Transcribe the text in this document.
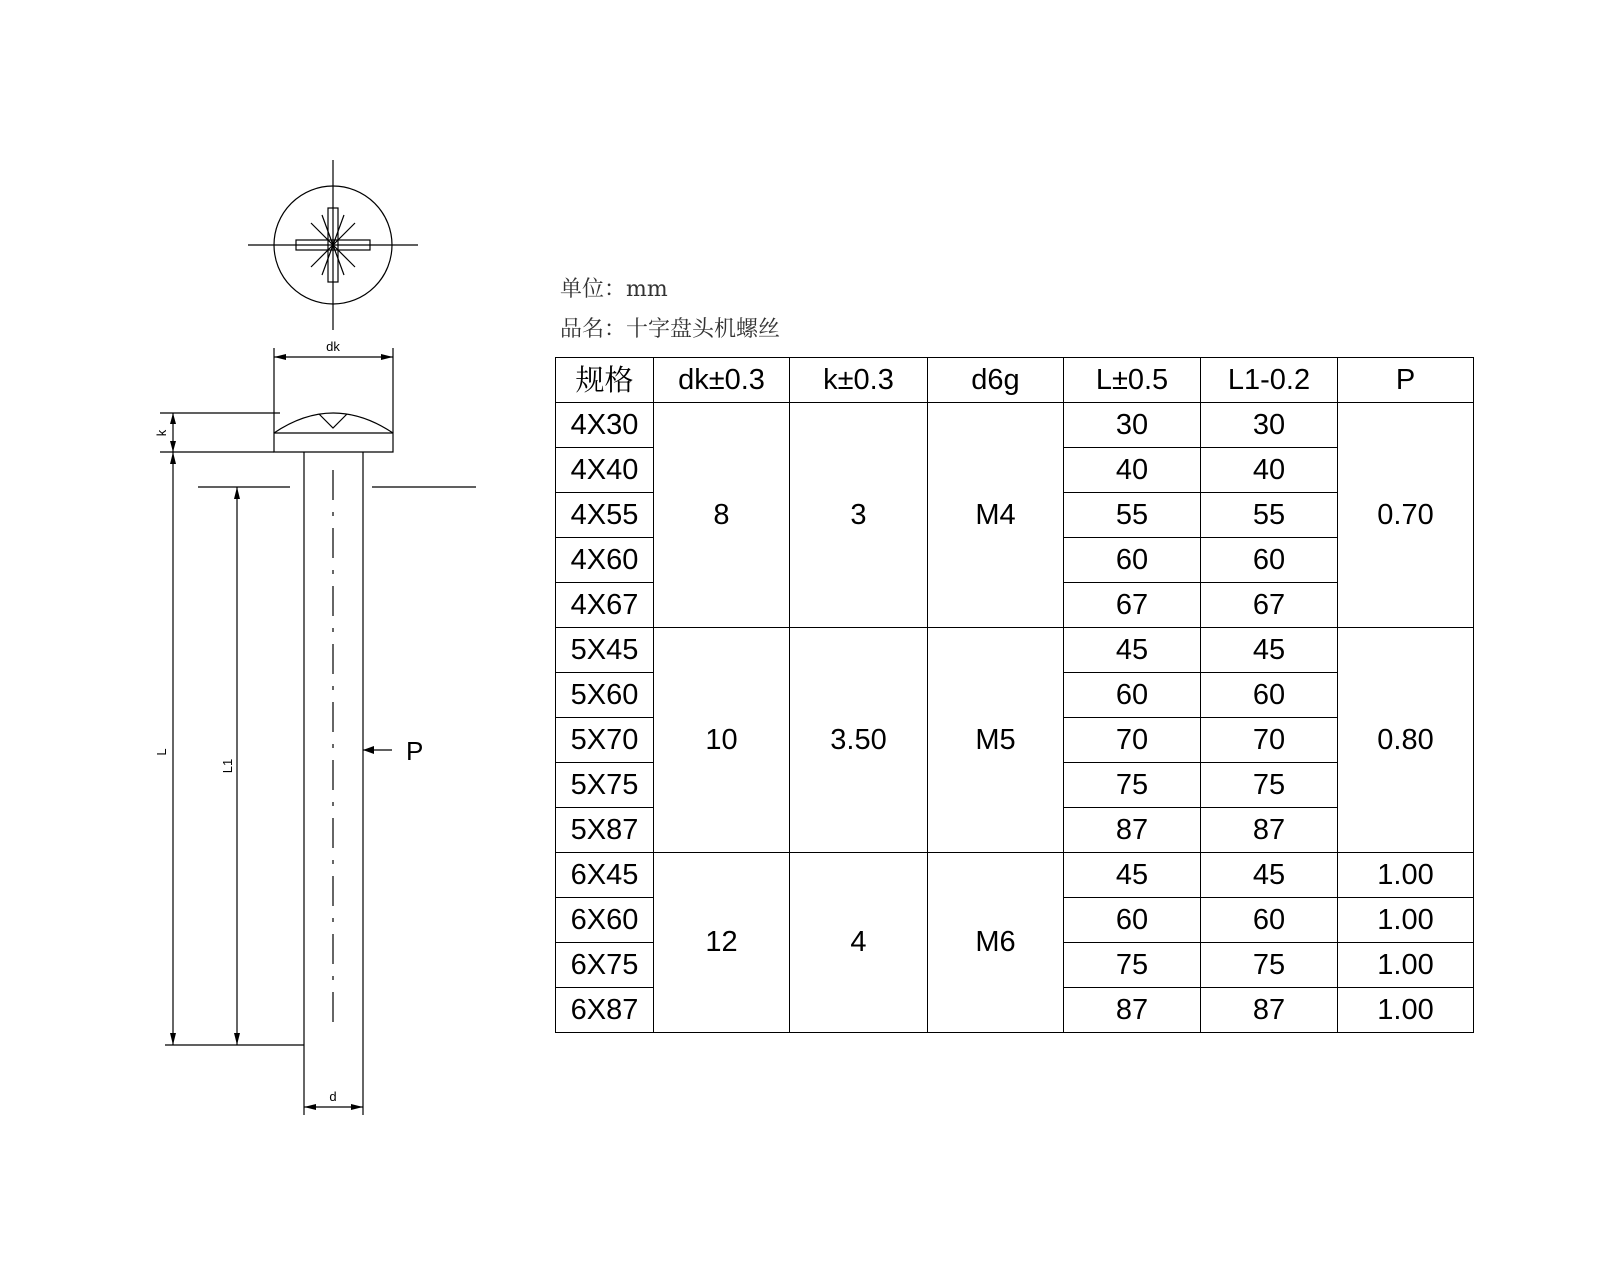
dk
k
L
L1
d
P
单位：mm
品名：十字盘头机螺丝
规格	dk±0.3	k±0.3	d6g	L±0.5	L1-0.2	P
4X30	8	3	M4	30	30	0.70
4X40				40	40	
4X55				55	55	
4X60				60	60	
4X67				67	67	
5X45	10	3.50	M5	45	45	0.80
5X60				60	60	
5X70				70	70	
5X75				75	75	
5X87				87	87	
6X45	12	4	M6	45	45	1.00
6X60				60	60	1.00
6X75				75	75	1.00
6X87				87	87	1.00
